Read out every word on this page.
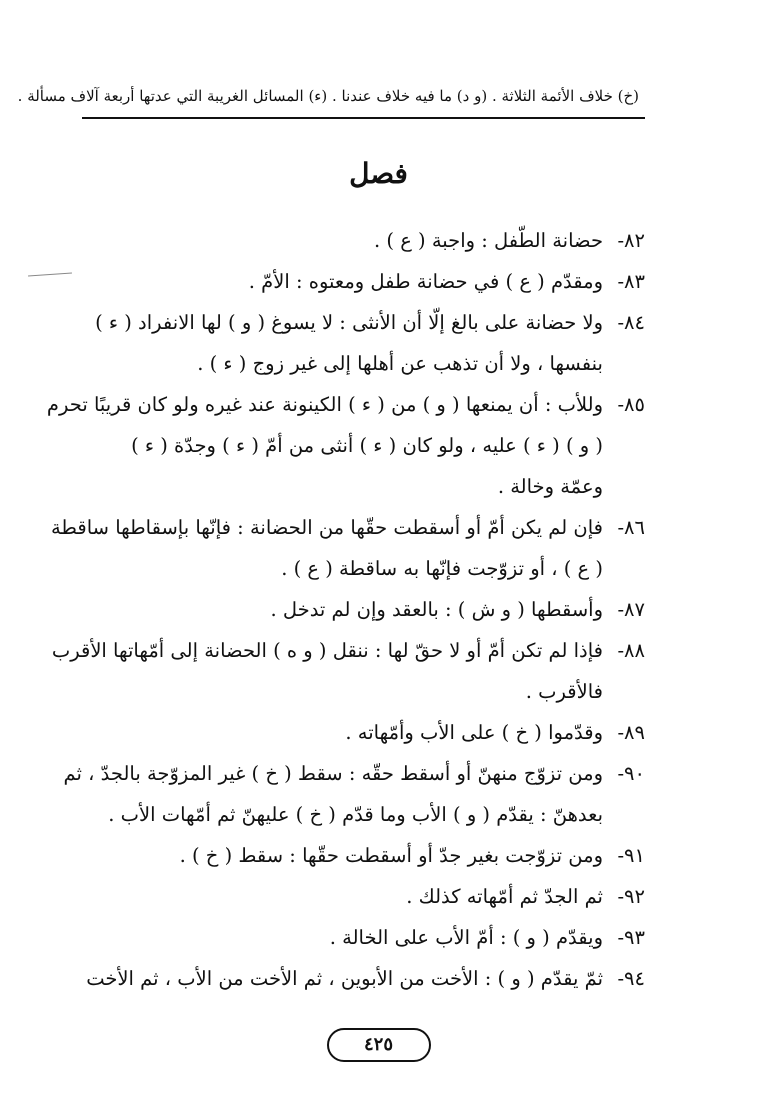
(خ) خلاف الأئمة الثلاثة . (و د) ما فيه خلاف عندنا . (ء) المسائل الغريبة التي عدتها أربعة آلاف مسألة .
فصل
٨٢-
حضانة الطّفل : واجبة ( ع ) .
٨٣-
ومقدّم ( ع ) في حضانة طفل ومعتوه : الأمّ .
٨٤-
ولا حضانة على بالغ إلّا أن الأنثى : لا يسوغ ( و ) لها الانفراد ( ء )
بنفسها ، ولا أن تذهب عن أهلها إلى غير زوج ( ء ) .
٨٥-
وللأب : أن يمنعها ( و ) من ( ء ) الكينونة عند غيره ولو كان قريبًا تحرم
( و ) ( ء ) عليه ، ولو كان ( ء ) أنثى من أمّ ( ء ) وجدّة ( ء )
وعمّة وخالة .
٨٦-
فإن لم يكن أمّ أو أسقطت حقّها من الحضانة : فإنّها بإسقاطها ساقطة
( ع ) ، أو تزوّجت فإنّها به ساقطة ( ع ) .
٨٧-
وأسقطها ( و ش ) : بالعقد وإن لم تدخل .
٨٨-
فإذا لم تكن أمّ أو لا حقّ لها : ننقل ( و ه ) الحضانة إلى أمّهاتها الأقرب
فالأقرب .
٨٩-
وقدّموا ( خ ) على الأب وأمّهاته .
٩٠-
ومن تزوّج منهنّ أو أسقط حقّه : سقط ( خ ) غير المزوّجة بالجدّ ، ثم
بعدهنّ : يقدّم ( و ) الأب وما قدّم ( خ ) عليهنّ ثم أمّهات الأب .
٩١-
ومن تزوّجت بغير جدّ أو أسقطت حقّها : سقط ( خ ) .
٩٢-
ثم الجدّ ثم أمّهاته كذلك .
٩٣-
ويقدّم ( و ) : أمّ الأب على الخالة .
٩٤-
ثمّ يقدّم ( و ) : الأخت من الأبوين ، ثم الأخت من الأب ، ثم الأخت
٤٢٥
